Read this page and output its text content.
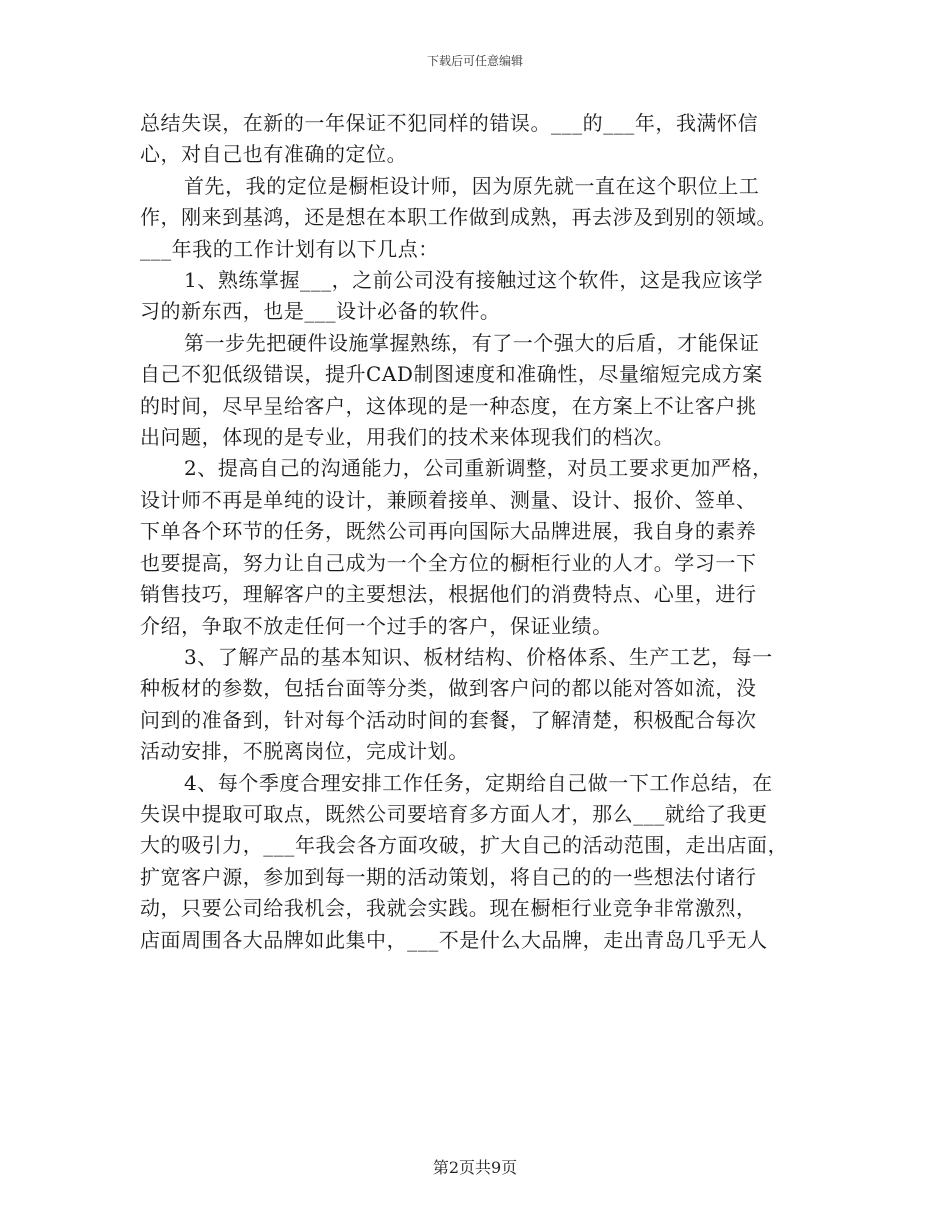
下载后可任意编辑
总结失误，在新的一年保证不犯同样的错误。___的___年，我满怀信
心，对自己也有准确的定位。
首先，我的定位是橱柜设计师，因为原先就一直在这个职位上工
作，刚来到基鸿，还是想在本职工作做到成熟，再去涉及到别的领域。
___年我的工作计划有以下几点：
1、熟练掌握___，之前公司没有接触过这个软件，这是我应该学
习的新东西，也是___设计必备的软件。
第一步先把硬件设施掌握熟练，有了一个强大的后盾，才能保证
自己不犯低级错误，提升CAD制图速度和准确性，尽量缩短完成方案
的时间，尽早呈给客户，这体现的是一种态度，在方案上不让客户挑
出问题，体现的是专业，用我们的技术来体现我们的档次。
2、提高自己的沟通能力，公司重新调整，对员工要求更加严格，
设计师不再是单纯的设计，兼顾着接单、测量、设计、报价、签单、
下单各个环节的任务，既然公司再向国际大品牌进展，我自身的素养
也要提高，努力让自己成为一个全方位的橱柜行业的人才。学习一下
销售技巧，理解客户的主要想法，根据他们的消费特点、心里，进行
介绍，争取不放走任何一个过手的客户，保证业绩。
3、了解产品的基本知识、板材结构、价格体系、生产工艺，每一
种板材的参数，包括台面等分类，做到客户问的都以能对答如流，没
问到的准备到，针对每个活动时间的套餐，了解清楚，积极配合每次
活动安排，不脱离岗位，完成计划。
4、每个季度合理安排工作任务，定期给自己做一下工作总结，在
失误中提取可取点，既然公司要培育多方面人才，那么___就给了我更
大的吸引力，___年我会各方面攻破，扩大自己的活动范围，走出店面，
扩宽客户源，参加到每一期的活动策划，将自己的的一些想法付诸行
动，只要公司给我机会，我就会实践。现在橱柜行业竞争非常激烈，
店面周围各大品牌如此集中，___不是什么大品牌，走出青岛几乎无人
第2页共9页
